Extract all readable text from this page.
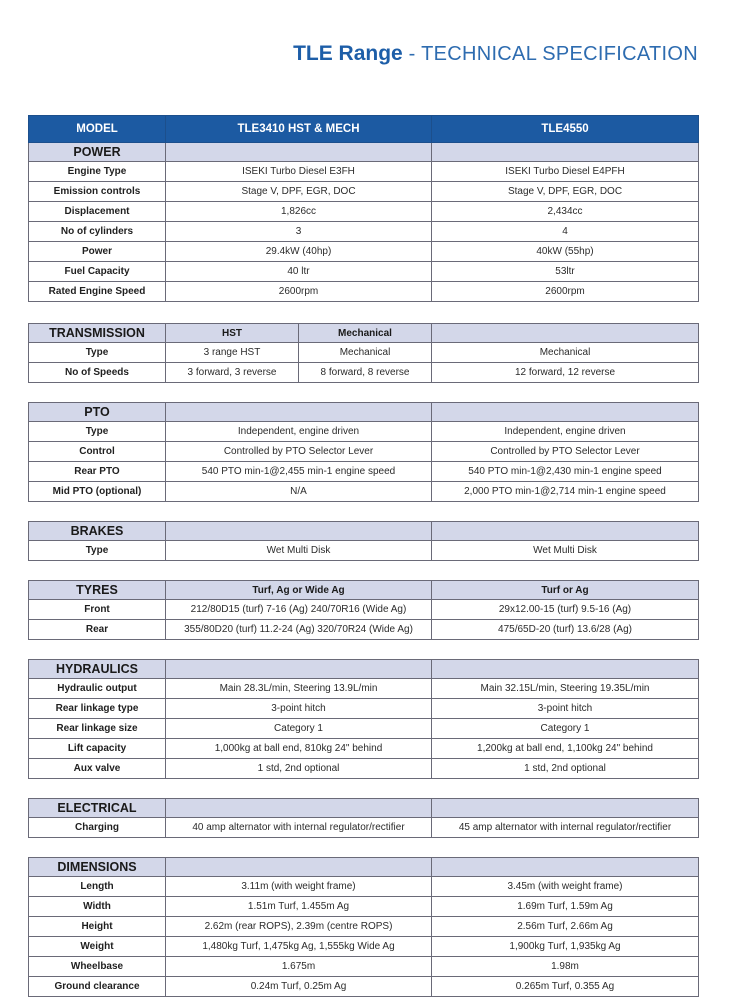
TLE Range - TECHNICAL SPECIFICATION
MODEL	TLE3410 HST & MECH	TLE4550
POWER		
Engine Type	ISEKI Turbo Diesel E3FH	ISEKI Turbo Diesel E4PFH
Emission controls	Stage V, DPF, EGR, DOC	Stage V, DPF, EGR, DOC
Displacement	1,826cc	2,434cc
No of cylinders	3	4
Power	29.4kW (40hp)	40kW (55hp)
Fuel Capacity	40 ltr	53ltr
Rated Engine Speed	2600rpm	2600rpm
TRANSMISSION	HST	Mechanical	
Type	3 range HST	Mechanical	Mechanical
No of Speeds	3 forward, 3 reverse	8 forward, 8 reverse	12 forward, 12 reverse
PTO		
Type	Independent, engine driven	Independent, engine driven
Control	Controlled by PTO Selector Lever	Controlled by PTO Selector Lever
Rear PTO	540 PTO min-1@2,455 min-1 engine speed	540 PTO min-1@2,430 min-1 engine speed
Mid PTO (optional)	N/A	2,000 PTO min-1@2,714 min-1 engine speed
BRAKES		
Type	Wet Multi Disk	Wet Multi Disk
TYRES	Turf, Ag or Wide Ag	Turf or Ag
Front	212/80D15 (turf) 7-16 (Ag) 240/70R16 (Wide Ag)	29x12.00-15 (turf) 9.5-16 (Ag)
Rear	355/80D20 (turf) 11.2-24 (Ag) 320/70R24 (Wide Ag)	475/65D-20 (turf) 13.6/28 (Ag)
HYDRAULICS		
Hydraulic output	Main 28.3L/min, Steering 13.9L/min	Main 32.15L/min, Steering 19.35L/min
Rear linkage type	3-point hitch	3-point hitch
Rear linkage size	Category 1	Category 1
Lift capacity	1,000kg at ball end, 810kg 24" behind	1,200kg at ball end, 1,100kg 24" behind
Aux valve	1 std, 2nd optional	1 std, 2nd optional
ELECTRICAL		
Charging	40 amp alternator with internal regulator/rectifier	45 amp alternator with internal regulator/rectifier
DIMENSIONS		
Length	3.11m (with weight frame)	3.45m (with weight frame)
Width	1.51m Turf, 1.455m Ag	1.69m Turf, 1.59m Ag
Height	2.62m (rear ROPS), 2.39m (centre ROPS)	2.56m Turf, 2.66m Ag
Weight	1,480kg Turf, 1,475kg Ag, 1,555kg Wide Ag	1,900kg Turf, 1,935kg Ag
Wheelbase	1.675m	1.98m
Ground clearance	0.24m Turf, 0.25m Ag	0.265m Turf, 0.355 Ag
